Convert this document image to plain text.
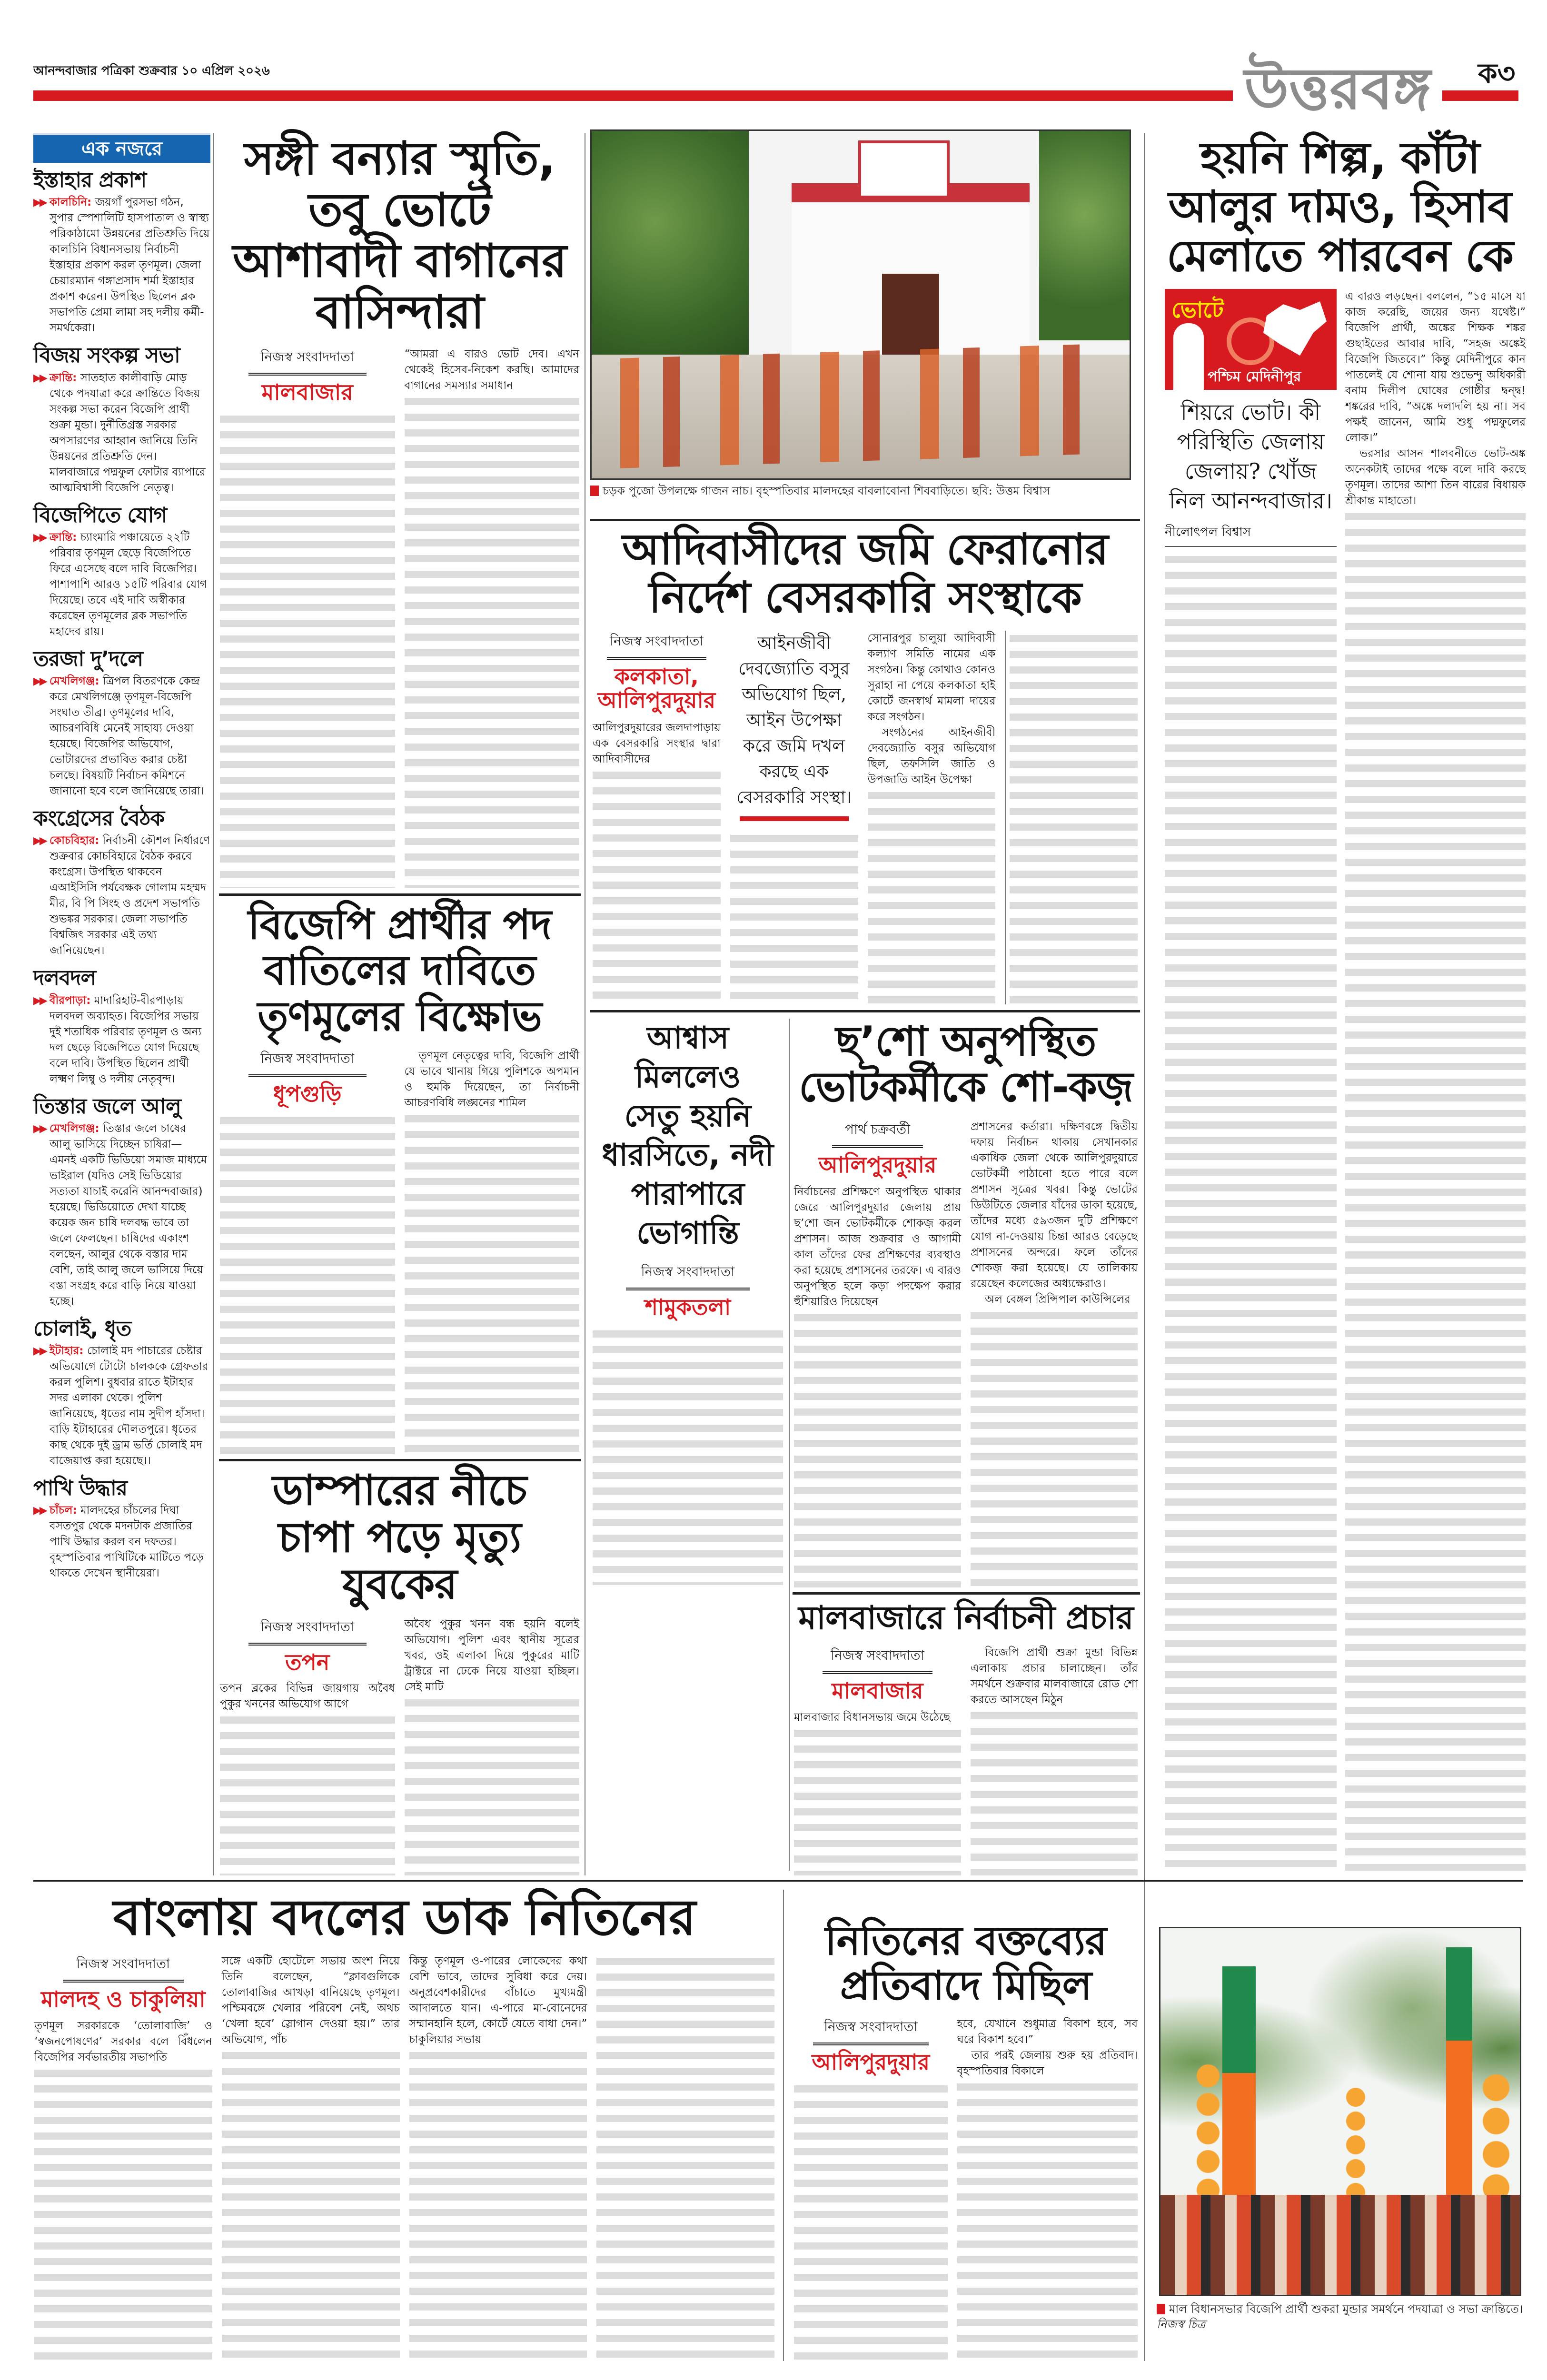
আনন্দবাজার পত্রিকা শুক্রবার ১০ এপ্রিল ২০২৬	উত্তরবঙ্গ	ক৩
এক নজরে
ইস্তাহার প্রকাশ

▶▶ কালচিনি: জয়গাঁ পুরসভা গঠন, সুপার স্পেশালিটি হাসপাতাল ও স্বাস্থ্য পরিকাঠামো উন্নয়নের প্রতিশ্রুতি দিয়ে কালচিনি বিধানসভায় নির্বাচনী ইস্তাহার প্রকাশ করল তৃণমূল। জেলা চেয়ারম্যান গঙ্গাপ্রসাদ শর্মা ইস্তাহার প্রকাশ করেন। উপস্থিত ছিলেন ব্লক সভাপতি প্রেমা লামা সহ দলীয় কর্মী-সমর্থকেরা।

বিজয় সংকল্প সভা

▶▶ ক্রান্তি: সাতহাত কালীবাড়ি মোড় থেকে পদযাত্রা করে ক্রান্তিতে বিজয় সংকল্প সভা করেন বিজেপি প্রার্থী শুক্রা মুন্ডা। দুর্নীতিগ্রস্ত সরকার অপসারণের আহ্বান জানিয়ে তিনি উন্নয়নের প্রতিশ্রুতি দেন। মালবাজারে পদ্মফুল ফোটার ব্যাপারে আত্মবিশ্বাসী বিজেপি নেতৃত্ব।

বিজেপিতে যোগ

▶▶ ক্রান্তি: চ্যাংমারি পঞ্চায়েতে ২২টি পরিবার তৃণমূল ছেড়ে বিজেপিতে ফিরে এসেছে বলে দাবি বিজেপির। পাশাপাশি আরও ১৫টি পরিবার যোগ দিয়েছে। তবে এই দাবি অস্বীকার করেছেন তৃণমূলের ব্লক সভাপতি মহাদেব রায়।

তরজা দু’দলে

▶▶ মেখলিগঞ্জ: ত্রিপল বিতরণকে কেন্দ্র করে মেখলিগঞ্জে তৃণমূল-বিজেপি সংঘাত তীব্র। তৃণমূলের দাবি, আচরণবিধি মেনেই সাহায্য দেওয়া হয়েছে। বিজেপির অভিযোগ, ভোটারদের প্রভাবিত করার চেষ্টা চলছে। বিষয়টি নির্বাচন কমিশনে জানানো হবে বলে জানিয়েছে তারা।

কংগ্রেসের বৈঠক

▶▶ কোচবিহার: নির্বাচনী কৌশল নির্ধারণে শুক্রবার কোচবিহারে বৈঠক করবে কংগ্রেস। উপস্থিত থাকবেন এআইসিসি পর্যবেক্ষক গোলাম মহম্মদ মীর, বি পি সিংহ ও প্রদেশ সভাপতি শুভঙ্কর সরকার। জেলা সভাপতি বিশ্বজিৎ সরকার এই তথ্য জানিয়েছেন।

দলবদল

▶▶ বীরপাড়া: মাদারিহাট-বীরপাড়ায় দলবদল অব্যাহত। বিজেপির সভায় দুই শতাধিক পরিবার তৃণমূল ও অন্য দল ছেড়ে বিজেপিতে যোগ দিয়েছে বলে দাবি। উপস্থিত ছিলেন প্রার্থী লক্ষ্মণ লিম্বু ও দলীয় নেতৃবৃন্দ।

তিস্তার জলে আলু

▶▶ মেখলিগঞ্জ: তিস্তার জলে চাষের আলু ভাসিয়ে দিচ্ছেন চাষিরা— এমনই একটি ভিডিয়ো সমাজ মাধ্যমে ভাইরাল (যদিও সেই ভিডিয়োর সত্যতা যাচাই করেনি আনন্দবাজার) হয়েছে। ভিডিয়োতে দেখা যাচ্ছে কয়েক জন চাষি দলবদ্ধ ভাবে তা জলে ফেলছেন। চাষিদের একাংশ বলছেন, আলুর থেকে বস্তার দাম বেশি, তাই আলু জলে ভাসিয়ে দিয়ে বস্তা সংগ্রহ করে বাড়ি নিয়ে যাওয়া হচ্ছে।

চোলাই, ধৃত

▶▶ ইটাহার: চোলাই মদ পাচারের চেষ্টার অভিযোগে টোটো চালককে গ্রেফতার করল পুলিশ। বুধবার রাতে ইটাহার সদর এলাকা থেকে। পুলিশ জানিয়েছে, ধৃতের নাম সুদীপ হাঁসদা। বাড়ি ইটাহারের দৌলতপুরে। ধৃতের কাছ থেকে দুই ড্রাম ভর্তি চোলাই মদ বাজেয়াপ্ত করা হয়েছে।।

পাখি উদ্ধার

▶▶ চাঁচল: মালদহের চাঁচলের দিঘা বসতপুর থেকে মদনটাক প্রজাতির পাখি উদ্ধার করল বন দফতর। বৃহস্পতিবার পাখিটিকে মাটিতে পড়ে থাকতে দেখেন স্থানীয়েরা।

সঙ্গী বন্যার স্মৃতি, তবু ভোটে আশাবাদী বাগানের বাসিন্দারা
নিজস্ব সংবাদদাতা
মালবাজার

“আমরা এ বারও ভোট দেব। এখন থেকেই হিসেব-নিকেশ করছি। আমাদের বাগানের সমস্যার সমাধান

চড়ক পুজো উপলক্ষে গাজন নাচ। বৃহস্পতিবার মালদহের বাবলাবোনা শিববাড়িতে। ছবি: উত্তম বিশ্বাস
আদিবাসীদের জমি ফেরানোর নির্দেশ বেসরকারি সংস্থাকে
নিজস্ব সংবাদদাতা
কলকাতা, আলিপুরদুয়ার

আলিপুরদুয়ারের জলদাপাড়ায় এক বেসরকারি সংস্থার দ্বারা আদিবাসীদের

আইনজীবী দেবজ্যোতি বসুর অভিযোগ ছিল, আইন উপেক্ষা করে জমি দখল করছে এক বেসরকারি সংস্থা।

সোনারপুর চালুয়া আদিবাসী কল্যাণ সমিতি নামের এক সংগঠন। কিন্তু কোথাও কোনও সুরাহা না পেয়ে কলকাতা হাই কোর্টে জনস্বার্থ মামলা দায়ের করে সংগঠন।

সংগঠনের আইনজীবী দেবজ্যোতি বসুর অভিযোগ ছিল, তফসিলি জাতি ও উপজাতি আইন উপেক্ষা

হয়নি শিল্প, কাঁটা আলুর দামও, হিসাব মেলাতে পারবেন কে
ভোটে
পশ্চিম মেদিনীপুর
শিয়রে ভোট। কী পরিস্থিতি জেলায় জেলায়? খোঁজ নিল আনন্দবাজার।
নীলোৎপল বিশ্বাস

এ বারও লড়ছেন। বললেন, “১৫ মাসে যা কাজ করেছি, জয়ের জন্য যথেষ্ট।” বিজেপি প্রার্থী, অঙ্কের শিক্ষক শঙ্কর গুছাইতের আবার দাবি, “সহজ অঙ্কেই বিজেপি জিতবে।” কিন্তু মেদিনীপুরে কান পাতলেই যে শোনা যায় শুভেন্দু অধিকারী বনাম দিলীপ ঘোষের গোষ্ঠীর দ্বন্দ্ব! শঙ্করের দাবি, “অঙ্কে দলাদলি হয় না। সব পক্ষই জানেন, আমি শুধু পদ্মফুলের লোক।”

ভরসার আসন শালবনীতে ভোট-অঙ্ক অনেকটাই তাদের পক্ষে বলে দাবি করছে তৃণমূল। তাদের আশা তিন বারের বিধায়ক শ্রীকান্ত মাহাতো।

বিজেপি প্রার্থীর পদ বাতিলের দাবিতে তৃণমূলের বিক্ষোভ
নিজস্ব সংবাদদাতা
ধূপগুড়ি

তৃণমূল নেতৃত্বের দাবি, বিজেপি প্রার্থী যে ভাবে থানায় গিয়ে পুলিশকে অপমান ও হুমকি দিয়েছেন, তা নির্বাচনী আচরণবিধি লঙ্ঘনের শামিল

আশ্বাস
মিললেও
সেতু হয়নি
ধারসিতে, নদী
পারাপারে
ভোগান্তি
নিজস্ব সংবাদদাতা
শামুকতলা
ছ’শো অনুপস্থিত ভোটকর্মীকে শো-কজ়
পার্থ চক্রবর্তী
আলিপুরদুয়ার

নির্বাচনের প্রশিক্ষণে অনুপস্থিত থাকার জেরে আলিপুরদুয়ার জেলায় প্রায় ছ’শো জন ভোটকর্মীকে শোকজ় করল প্রশাসন। আজ শুক্রবার ও আগামী কাল তাঁদের ফের প্রশিক্ষণের ব্যবস্থাও করা হয়েছে প্রশাসনের তরফে। এ বারও অনুপস্থিত হলে কড়া পদক্ষেপ করার হুঁশিয়ারিও দিয়েছেন

প্রশাসনের কর্তারা। দক্ষিণবঙ্গে দ্বিতীয় দফায় নির্বাচন থাকায় সেখানকার একাধিক জেলা থেকে আলিপুরদুয়ারে ভোটকর্মী পাঠানো হতে পারে বলে প্রশাসন সূত্রের খবর। কিন্তু ভোটের ডিউটিতে জেলার যাঁদের ডাকা হয়েছে, তাঁদের মধ্যে ৫৯৩জন দুটি প্রশিক্ষণে যোগ না-দেওয়ায় চিন্তা আরও বেড়েছে প্রশাসনের অন্দরে। ফলে তাঁদের শোকজ় করা হয়েছে। যে তালিকায় রয়েছেন কলেজের অধ্যক্ষেরাও।

অল বেঙ্গল প্রিন্সিপাল কাউন্সিলের

ডাম্পারের নীচে চাপা পড়ে মৃত্যু যুবকের
নিজস্ব সংবাদদাতা
তপন

তপন ব্লকের বিভিন্ন জায়গায় অবৈধ পুকুর খননের অভিযোগ আগে

অবৈধ পুকুর খনন বন্ধ হয়নি বলেই অভিযোগ। পুলিশ এবং স্থানীয় সূত্রের খবর, ওই এলাকা দিয়ে পুকুরের মাটি ট্রাক্টরে না ঢেকে নিয়ে যাওয়া হচ্ছিল। সেই মাটি

মালবাজারে নির্বাচনী প্রচার
নিজস্ব সংবাদদাতা
মালবাজার

মালবাজার বিধানসভায় জমে উঠেছে

বিজেপি প্রার্থী শুক্রা মুন্ডা বিভিন্ন এলাকায় প্রচার চালাচ্ছেন। তাঁর সমর্থনে শুক্রবার মালবাজারে রোড শো করতে আসছেন মিঠুন

বাংলায় বদলের ডাক নিতিনের
নিজস্ব সংবাদদাতা
মালদহ ও চাকুলিয়া

তৃণমূল সরকারকে ‘তোলাবাজি’ ও ‘স্বজনপোষণের’ সরকার বলে বিঁধলেন বিজেপির সর্বভারতীয় সভাপতি

সঙ্গে একটি হোটেলে সভায় অংশ নিয়ে তিনি বলেছেন, “ক্লাবগুলিকে তোলাবাজির আখড়া বানিয়েছে তৃণমূল। পশ্চিমবঙ্গে খেলার পরিবেশ নেই, অথচ ‘খেলা হবে’ স্লোগান দেওয়া হয়।” তার অভিযোগ, পাঁচ

কিন্তু তৃণমূল ও-পারের লোকেদের কথা বেশি ভাবে, তাদের সুবিধা করে দেয়। অনুপ্রবেশকারীদের বাঁচাতে মুখ্যমন্ত্রী আদালতে যান। এ-পারে মা-বোনেদের সম্মানহানি হলে, কোর্টে যেতে বাধা দেন।” চাকুলিয়ার সভায়

নিতিনের বক্তব্যের প্রতিবাদে মিছিল
নিজস্ব সংবাদদাতা
আলিপুরদুয়ার

হবে, যেখানে শুধুমাত্র বিকাশ হবে, সব ঘরে বিকাশ হবে।”

তার পরই জেলায় শুরু হয় প্রতিবাদ। বৃহস্পতিবার বিকালে

মাল বিধানসভার বিজেপি প্রার্থী শুকরা মুন্ডার সমর্থনে পদযাত্রা ও সভা ক্রান্তিতে। নিজস্ব চিত্র
